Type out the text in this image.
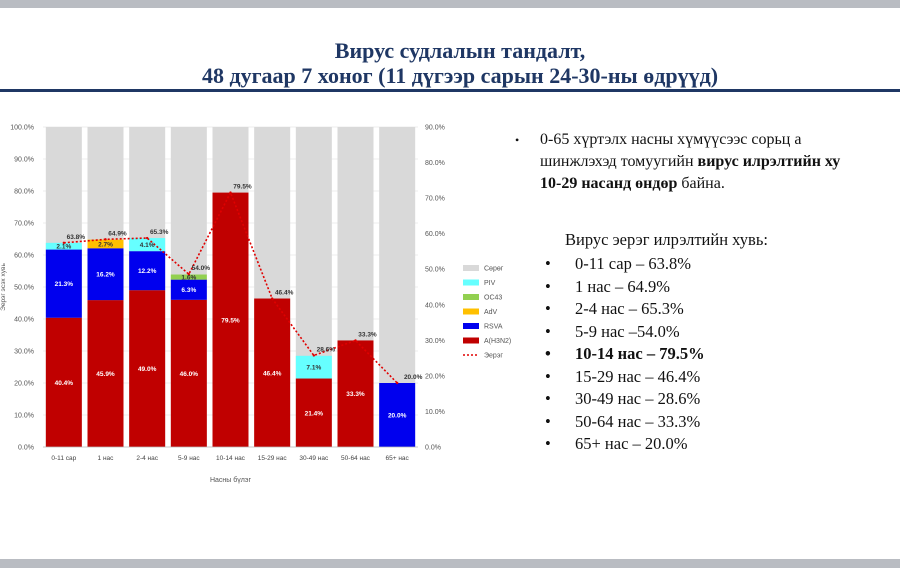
Вирус судлалын тандалт,
48 дугаар 7 хоног (11 дүгээр сарын 24-30-ны өдрүүд)
40.4%
21.3%
2.1%
45.9%
16.2%
2.7%
49.0%
12.2%
4.1%
46.0%
6.3%
1.6%
79.5%
46.4%
21.4%
7.1%
33.3%
20.0%
63.8%
64.9%	65.3%
54.0%
79.5%
46.4%
28.6%
33.3%
20.0%
0.0%
10.0%
20.0%
30.0%
40.0%
50.0%
60.0%
70.0%
80.0%
90.0%
100.0%
0.0%
10.0%
20.0%
30.0%
40.0%
50.0%
60.0%
70.0%
80.0%
90.0%
0-11 сар	1 нас	2-4 нас	5-9 нас	10-14 нас 15-29 нас 30-49 нас 50-64 нас 65+ нас
Эерэг эсэх хувь
Насны бүлэг
Сөрөг
PIV
OC43
AdV
RSVA
A(H3N2)
Эерэг
• 0-65 хүртэлх насны хүмүүсээс сорьц а
шинжлэхэд томуугийн вирус илрэлтийн ху
10-29 насанд өндөр байна.
Вирус эерэг илрэлтийн хувь:
• 0-11 сар – 63.8%
• 1 нас – 64.9%
• 2-4 нас – 65.3%
• 5-9 нас –54.0%
• 10-14 нас – 79.5%
• 15-29 нас – 46.4%
• 30-49 нас – 28.6%
• 50-64 нас – 33.3%
• 65+ нас – 20.0%
